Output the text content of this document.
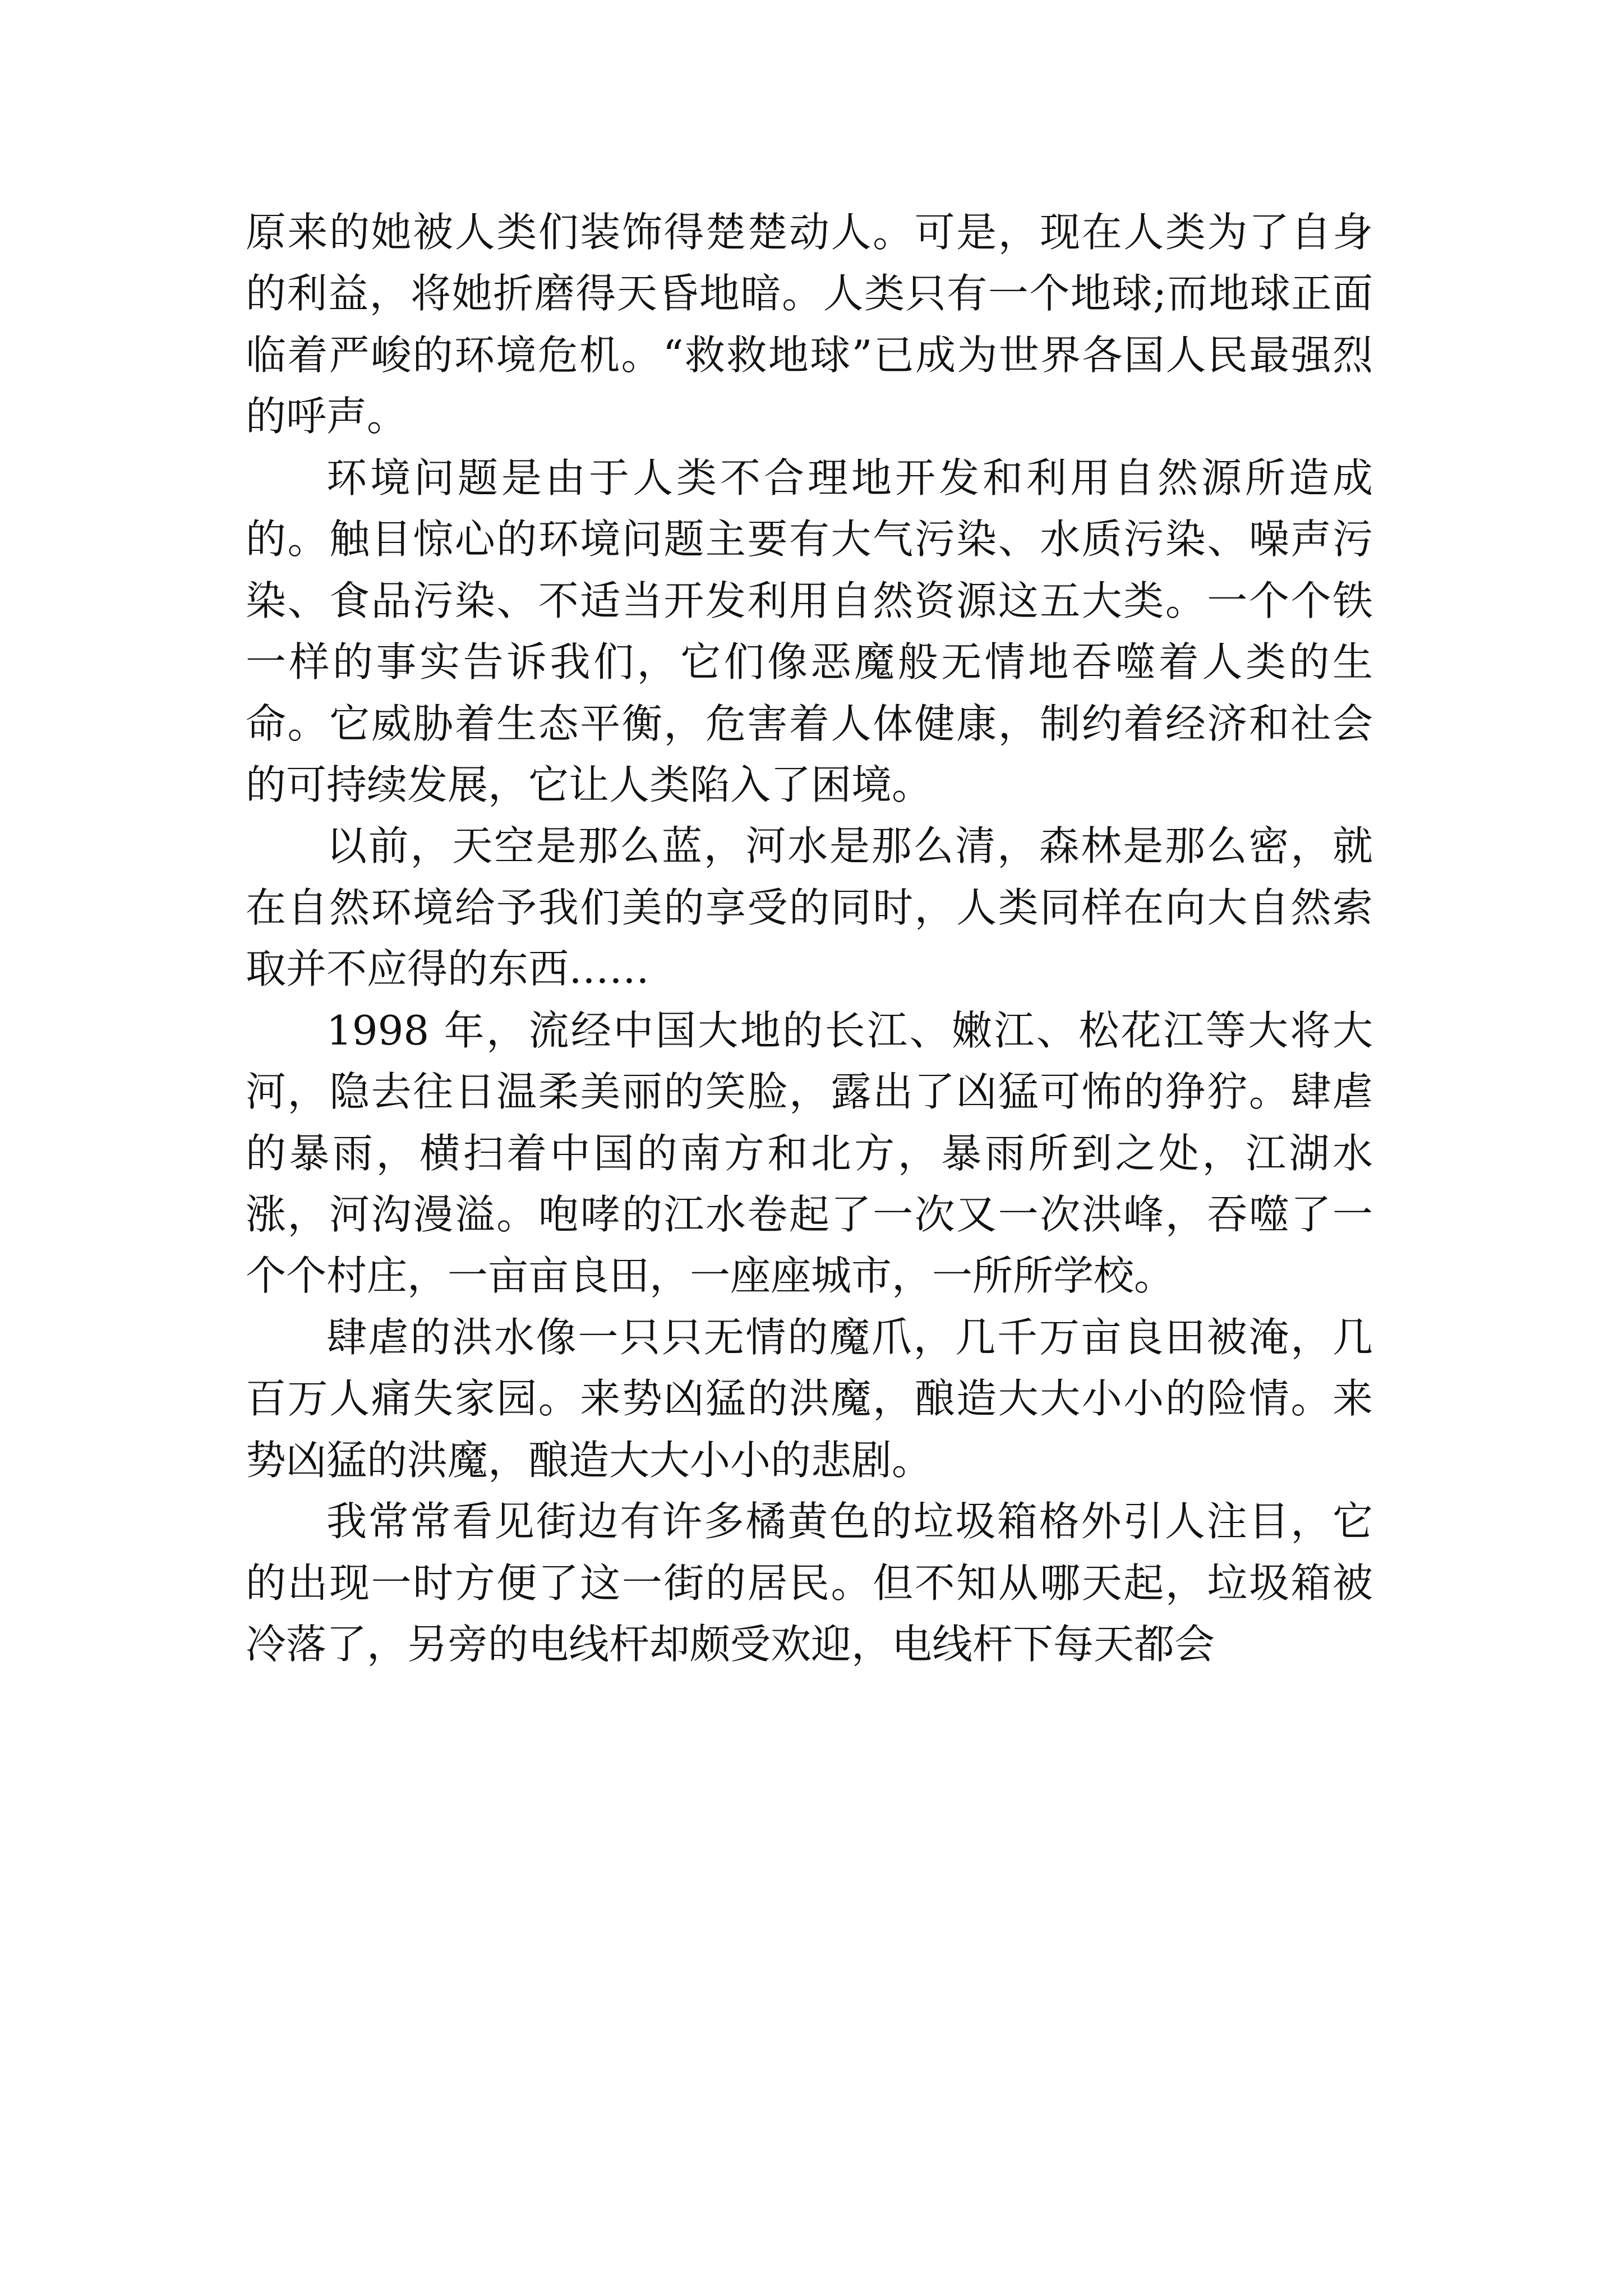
原来的她被人类们装饰得楚楚动人。可是，现在人类为了自身的利益，将她折磨得天昏地暗。人类只有一个地球;而地球正面临着严峻的环境危机。“救救地球”已成为世界各国人民最强烈的呼声。

环境问题是由于人类不合理地开发和利用自然源所造成的。触目惊心的环境问题主要有大气污染、水质污染、噪声污染、食品污染、不适当开发利用自然资源这五大类。一个个铁一样的事实告诉我们，它们像恶魔般无情地吞噬着人类的生命。它威胁着生态平衡，危害着人体健康，制约着经济和社会的可持续发展，它让人类陷入了困境。

以前，天空是那么蓝，河水是那么清，森林是那么密，就在自然环境给予我们美的享受的同时，人类同样在向大自然索取并不应得的东西……

1998 年，流经中国大地的长江、嫩江、松花江等大将大河，隐去往日温柔美丽的笑脸，露出了凶猛可怖的狰狞。肆虐的暴雨，横扫着中国的南方和北方，暴雨所到之处，江湖水涨，河沟漫溢。咆哮的江水卷起了一次又一次洪峰，吞噬了一个个村庄，一亩亩良田，一座座城市，一所所学校。

肆虐的洪水像一只只无情的魔爪，几千万亩良田被淹，几百万人痛失家园。来势凶猛的洪魔，酿造大大小小的险情。来势凶猛的洪魔，酿造大大小小的悲剧。

我常常看见街边有许多橘黄色的垃圾箱格外引人注目，它的出现一时方便了这一街的居民。但不知从哪天起，垃圾箱被冷落了，另旁的电线杆却颇受欢迎，电线杆下每天都会
